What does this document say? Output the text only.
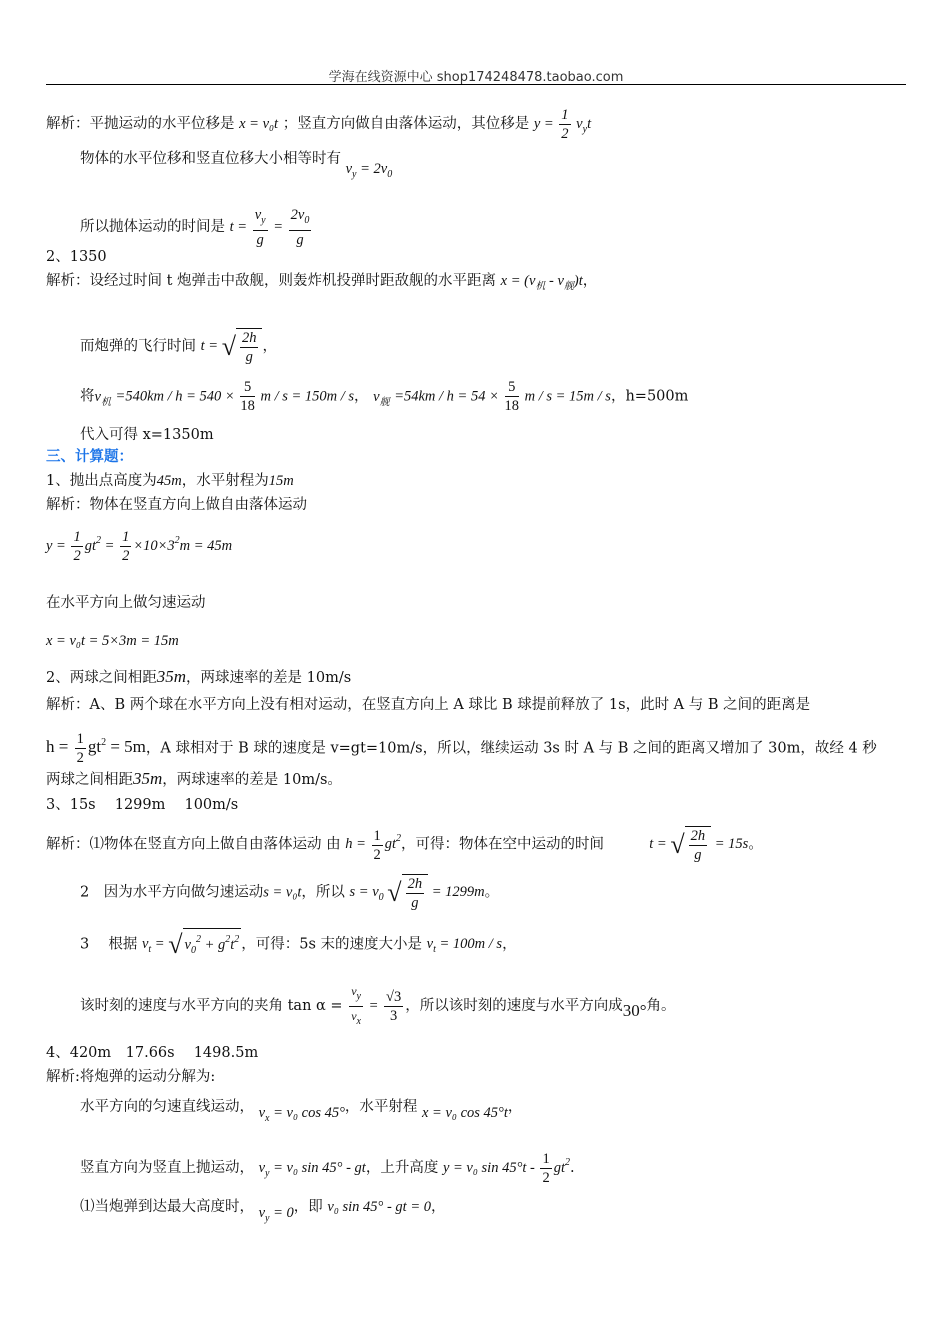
学海在线资源中心 shop174248478.taobao.com
解析：平抛运动的水平位移是 x = v₀t ；竖直方向做自由落体运动，其位移是 $y = \frac{1}{2} v_yt$
物体的水平位移和竖直位移大小相等时有 $v_y = 2v_0$
所以抛体运动的时间是 $t = \frac{v_y}{g} = \frac{2v_0}{g}$
2、1350
解析：设经过时间 t 炮弹击中敌舰，则轰炸机投弹时距敌舰的水平距离 $x = (v_机 - v_舰)t$，
而炮弹的飞行时间 t = √ $\frac{2h}{g}$ ，
将$v_机 =540km / h = 540 \times \frac{5}{18}$ m / s = 150m / s， $v_舰 =54km / h = 54 \times \frac{5}{18}$ m / s = 15m / s，h=500m
代入可得 x=1350m
三、计算题：
1、抛出点高度为45m，水平射程为15m
解析：物体在竖直方向上做自由落体运动
$y = \frac{1}{2} gt^2 = \frac{1}{2} \times 10\times 3^2m = 45m$
在水平方向上做匀速运动
x = v₀t = 5×3m = 15m
2、两球之间相距35m，两球速率的差是 10m/s
解析：A、B 两个球在水平方向上没有相对运动，在竖直方向上 A 球比 B 球提前释放了 1s，此时 A 与 B 之间的距离是
$h = \frac{1}{2} gt^2 = 5m$，A 球相对于 B 球的速度是 v=gt=10m/s，所以，继续运动 3s 时 A 与 B 之间的距离又增加了 30m，故经 4 秒
两球之间相距35m，两球速率的差是 10m/s。
3、15s　 1299m　 100m/s
解析：⑴物体在竖直方向上做自由落体运动 由 $h = \frac{1}{2} gt^2$，可得：物体在空中运动的时间	t = √ $\frac{2h}{g} = 15s$。
2　因为水平方向做匀速运动s = v₀t，所以 $s = v_0$ √ $\frac{2h}{g} = 1299m$。
3　 根据 $v_t$ = √ $v_0^2 + g^2t^2$ ，可得：5s 末的速度大小是 $v_t = 100m / s$，
该时刻的速度与水平方向的夹角 $\tan \alpha = \frac{v_y}{v_x} = \frac{√3}{3}$ ，所以该时刻的速度与水平方向成30°角。
4、420m　17.66s　 1498.5m
解析:将炮弹的运动分解为:
水平方向的匀速直线运动， $v_x = v_0$ cos 45°，水平射程 x = v₀ cos 45°t，
竖直方向为竖直上抛运动， $v_y = v_0$ sin 45° - gt，上升高度 y = v₀ $\sin 45^\circ t - \frac{1}{2} gt^2$.
⑴当炮弹到达最大高度时， $v_y = 0$，即 v₀ sin 45° - gt = 0，
